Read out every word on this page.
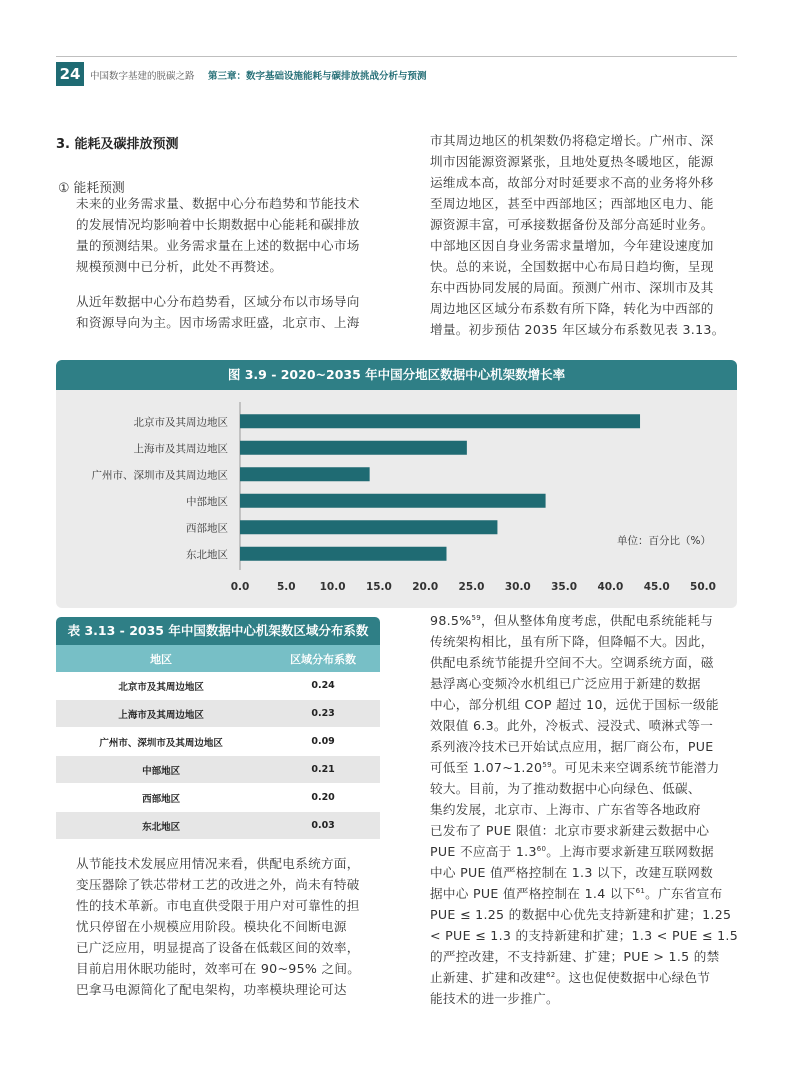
24	中国数字基建的脱碳之路 第三章：数字基础设施能耗与碳排放挑战分析与预测
3. 能耗及碳排放预测
① 能耗预测

未来的业务需求量、数据中心分布趋势和节能技术

的发展情况均影响着中长期数据中心能耗和碳排放

量的预测结果。业务需求量在上述的数据中心市场

规模预测中已分析，此处不再赘述。

从近年数据中心分布趋势看，区域分布以市场导向

和资源导向为主。因市场需求旺盛，北京市、上海

市其周边地区的机架数仍将稳定增长。广州市、深

圳市因能源资源紧张，且地处夏热冬暖地区，能源

运维成本高，故部分对时延要求不高的业务将外移

至周边地区，甚至中西部地区；西部地区电力、能

源资源丰富，可承接数据备份及部分高延时业务。

中部地区因自身业务需求量增加，今年建设速度加

快。总的来说，全国数据中心布局日趋均衡，呈现

东中西协同发展的局面。预测广州市、深圳市及其

周边地区区域分布系数有所下降，转化为中西部的

增量。初步预估 2035 年区域分布系数见表 3.13。

图 3.9 - 2020~2035 年中国分地区数据中心机架数增长率
北京市及其周边地区
上海市及其周边地区
广州市、深圳市及其周边地区
中部地区
西部地区
东北地区
0.0	5.0 10.0 15.0 20.0 25.0 30.0 35.0 40.0 45.0 50.0
单位：百分比（%）
表 3.13 - 2035 年中国数据中心机架数区域分布系数
地区	区域分布系数
北京市及其周边地区	0.24
上海市及其周边地区	0.23
广州市、深圳市及其周边地区	0.09
中部地区	0.21
西部地区	0.20
东北地区	0.03

从节能技术发展应用情况来看，供配电系统方面，

变压器除了铁芯带材工艺的改进之外，尚未有特破

性的技术革新。市电直供受限于用户对可靠性的担

忧只停留在小规模应用阶段。模块化不间断电源

已广泛应用，明显提高了设备在低载区间的效率，

目前启用休眠功能时，效率可在 90~95% 之间。

巴拿马电源简化了配电架构，功率模块理论可达

98.5%$^{59}$，但从整体角度考虑，供配电系统能耗与

传统架构相比，虽有所下降，但降幅不大。因此，

供配电系统节能提升空间不大。空调系统方面，磁

悬浮离心变频冷水机组已广泛应用于新建的数据

中心，部分机组 COP 超过 10，远优于国标一级能

效限值 6.3。此外，冷板式、浸没式、喷淋式等一

系列液冷技术已开始试点应用，据厂商公布，PUE

可低至 1.07~1.20$^{59}$。可见未来空调系统节能潜力

较大。目前，为了推动数据中心向绿色、低碳、

集约发展，北京市、上海市、广东省等各地政府

已发布了 PUE 限值：北京市要求新建云数据中心

PUE 不应高于 $1.3^{60}$。上海市要求新建互联网数据

中心 PUE 值严格控制在 1.3 以下，改建互联网数

据中心 PUE 值严格控制在 1.4 以下$^{61}$。广东省宣布

PUE ≤ 1.25 的数据中心优先支持新建和扩建；1.25

< PUE ≤ 1.3 的支持新建和扩建；1.3 < PUE ≤ 1.5

的严控改建，不支持新建、扩建；PUE > 1.5 的禁

止新建、扩建和改建$^{62}$。这也促使数据中心绿色节

能技术的进一步推广。
